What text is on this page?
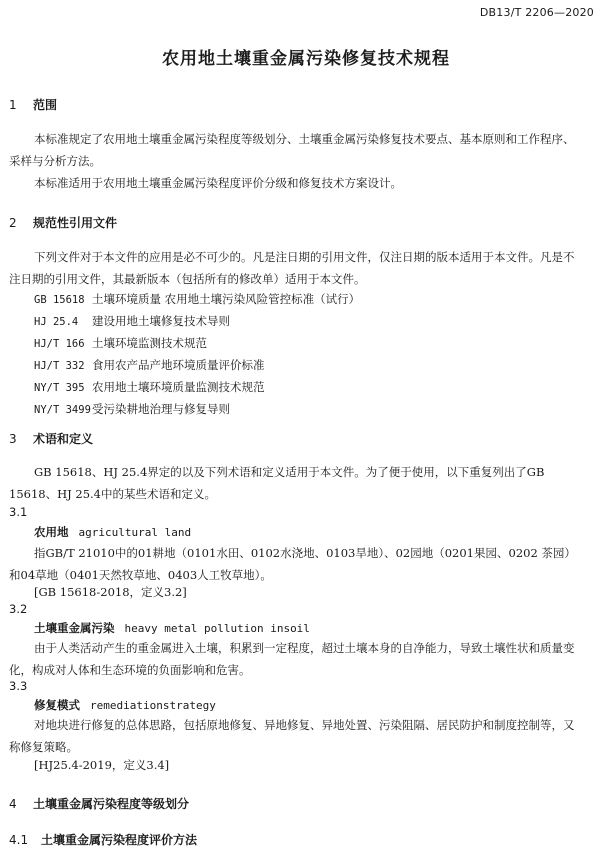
DB13/T 2206—2020
农用地土壤重金属污染修复技术规程
1 范围
本标准规定了农用地土壤重金属污染程度等级划分、土壤重金属污染修复技术要点、基本原则和工作程序、采样与分析方法。
本标准适用于农用地土壤重金属污染程度评价分级和修复技术方案设计。
2 规范性引用文件
下列文件对于本文件的应用是必不可少的。凡是注日期的引用文件，仅注日期的版本适用于本文件。凡是不注日期的引用文件，其最新版本（包括所有的修改单）适用于本文件。
GB 15618 土壤环境质量 农用地土壤污染风险管控标准（试行）
HJ 25.4 建设用地土壤修复技术导则
HJ/T 166 土壤环境监测技术规范
HJ/T 332 食用农产品产地环境质量评价标准
NY/T 395 农用地土壤环境质量监测技术规范
NY/T 3499受污染耕地治理与修复导则
3 术语和定义
GB 15618、HJ 25.4界定的以及下列术语和定义适用于本文件。为了便于使用，以下重复列出了GB 15618、HJ 25.4中的某些术语和定义。
3.1
农用地 agricultural land
指GB/T 21010中的01耕地（0101水田、0102水浇地、0103旱地）、02园地（0201果园、0202 茶园）和04草地（0401天然牧草地、0403人工牧草地）。
[GB 15618-2018，定义3.2]
3.2
土壤重金属污染 heavy metal pollution insoil
由于人类活动产生的重金属进入土壤，积累到一定程度，超过土壤本身的自净能力，导致土壤性状和质量变化，构成对人体和生态环境的负面影响和危害。
3.3
修复模式 remediationstrategy
对地块进行修复的总体思路，包括原地修复、异地修复、异地处置、污染阻隔、居民防护和制度控制等，又称修复策略。
[HJ25.4-2019，定义3.4]
4 土壤重金属污染程度等级划分
4.1 土壤重金属污染程度评价方法
